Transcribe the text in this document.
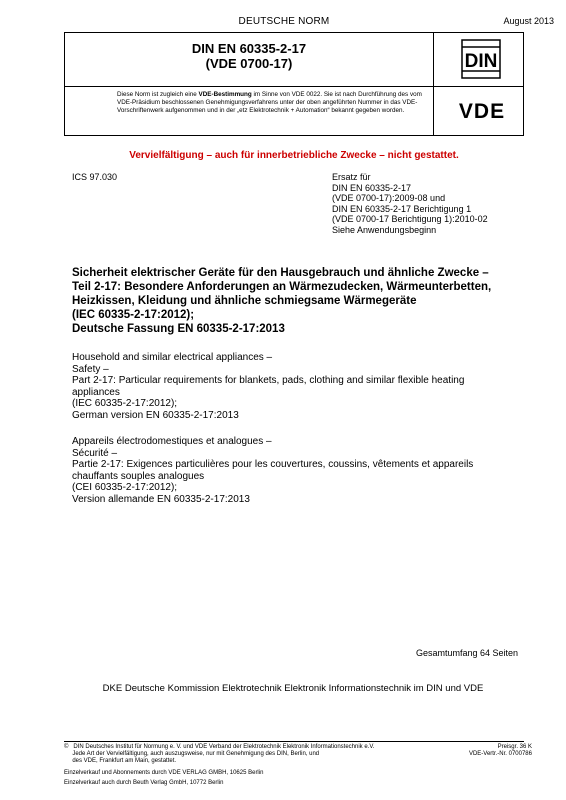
DEUTSCHE NORM	August 2013
DIN EN 60335-2-17
(VDE 0700-17)
Diese Norm ist zugleich eine VDE-Bestimmung im Sinne von VDE 0022. Sie ist nach Durchführung des vom VDE-Präsidium beschlossenen Genehmigungsverfahrens unter der oben angeführten Nummer in das VDE-Vorschriftenwerk aufgenommen und in der „etz Elektrotechnik + Automation“ bekannt gegeben worden.
DIN
VDE
Vervielfältigung – auch für innerbetriebliche Zwecke – nicht gestattet.
ICS 97.030	Ersatz für
DIN EN 60335-2-17
(VDE 0700-17):2009-08 und
DIN EN 60335-2-17 Berichtigung 1
(VDE 0700-17 Berichtigung 1):2010-02
Siehe Anwendungsbeginn
Sicherheit elektrischer Geräte für den Hausgebrauch und ähnliche Zwecke –
Teil 2-17: Besondere Anforderungen an Wärmezudecken, Wärmeunterbetten,
Heizkissen, Kleidung und ähnliche schmiegsame Wärmegeräte
(IEC 60335-2-17:2012);
Deutsche Fassung EN 60335-2-17:2013
Household and similar electrical appliances –
Safety –
Part 2-17: Particular requirements for blankets, pads, clothing and similar flexible heating
appliances
(IEC 60335-2-17:2012);
German version EN 60335-2-17:2013
Appareils électrodomestiques et analogues –
Sécurité –
Partie 2-17: Exigences particulières pour les couvertures, coussins, vêtements et appareils
chauffants souples analogues
(CEI 60335-2-17:2012);
Version allemande EN 60335-2-17:2013
Gesamtumfang 64 Seiten
DKE Deutsche Kommission Elektrotechnik Elektronik Informationstechnik im DIN und VDE
©   DIN Deutsches Institut für Normung e. V. und VDE Verband der Elektrotechnik Elektronik Informationstechnik e.V.
Jede Art der Vervielfältigung, auch auszugsweise, nur mit Genehmigung des DIN, Berlin, und
des VDE, Frankfurt am Main, gestattet.
Preisgr. 36 K
VDE-Vertr.-Nr. 0700786
Einzelverkauf und Abonnements durch VDE VERLAG GMBH, 10625 Berlin
Einzelverkauf auch durch Beuth Verlag GmbH, 10772 Berlin
